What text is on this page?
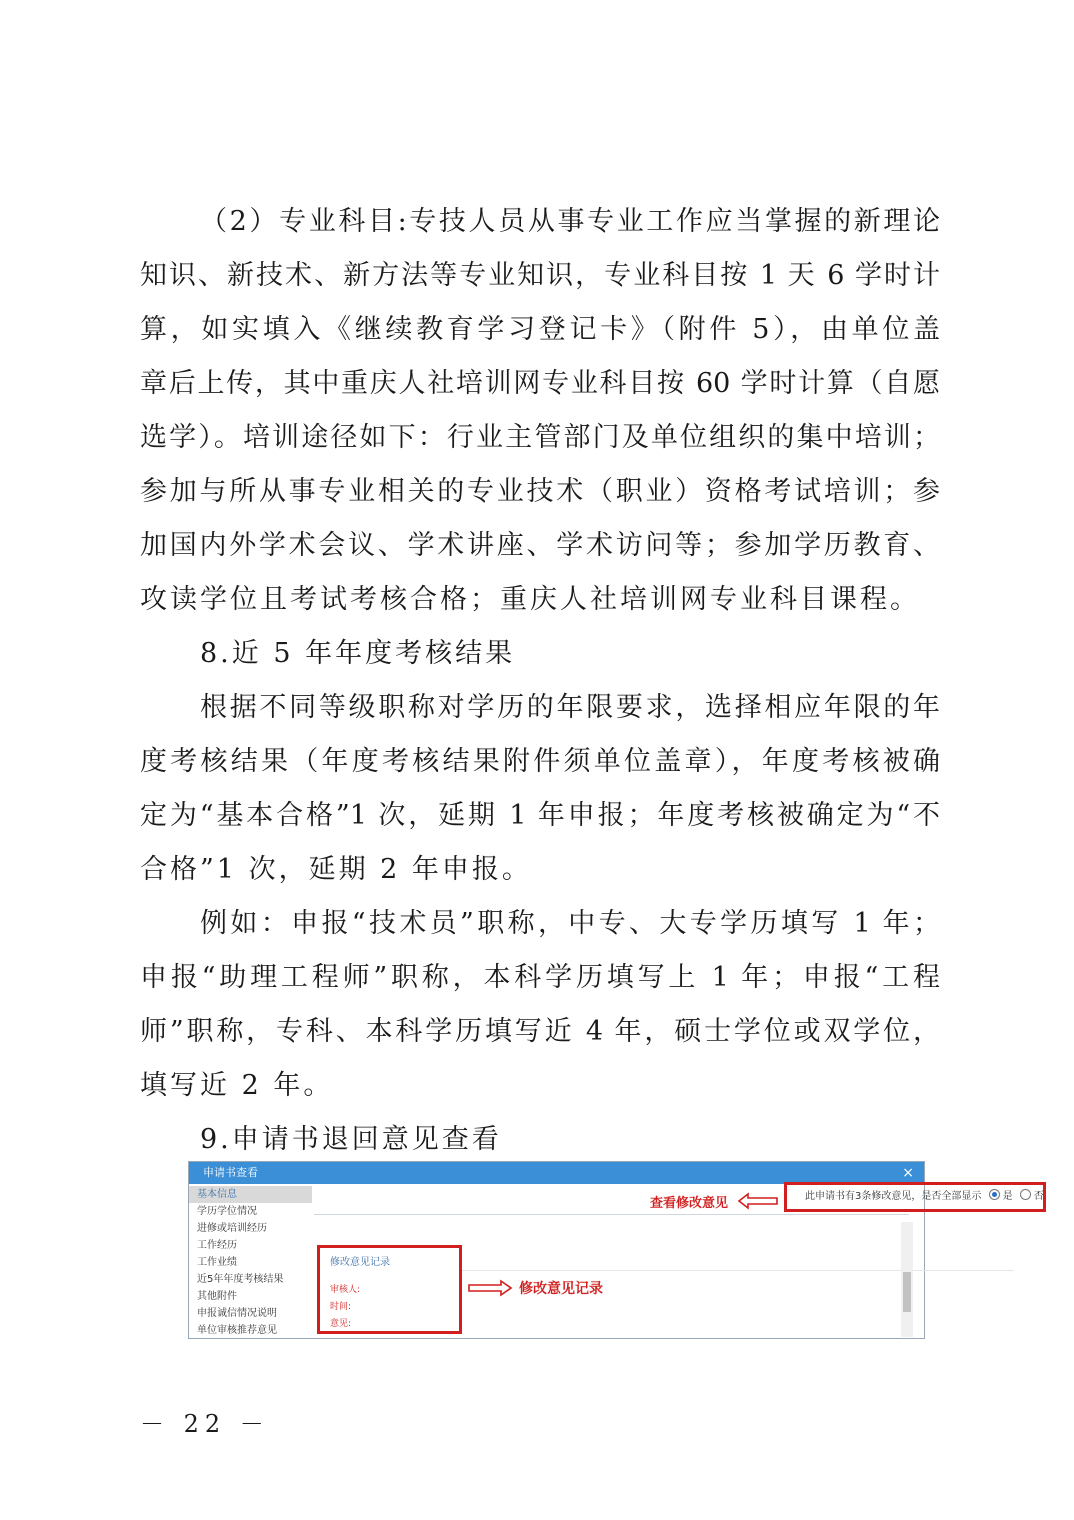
（2）专业科目:专技人员从事专业工作应当掌握的新理论
知识、新技术、新方法等专业知识，专业科目按 1 天 6 学时计
算，如实填入《继续教育学习登记卡》（附件 5），由单位盖
章后上传，其中重庆人社培训网专业科目按 60 学时计算（自愿
选学）。培训途径如下：行业主管部门及单位组织的集中培训；
参加与所从事专业相关的专业技术（职业）资格考试培训；参
加国内外学术会议、学术讲座、学术访问等；参加学历教育、
攻读学位且考试考核合格；重庆人社培训网专业科目课程。
8.近 5 年年度考核结果
根据不同等级职称对学历的年限要求，选择相应年限的年
度考核结果（年度考核结果附件须单位盖章），年度考核被确
定为“基本合格”1 次，延期 1 年申报；年度考核被确定为“不
合格”1 次，延期 2 年申报。
例如：申报“技术员”职称，中专、大专学历填写 1 年；
申报“助理工程师”职称，本科学历填写上 1 年；申报“工程
师”职称，专科、本科学历填写近 4 年，硕士学位或双学位，
填写近 2 年。
9.申请书退回意见查看
申请书查看	×
基本信息
学历学位情况
进修或培训经历
工作经历
工作业绩
近5年年度考核结果
其他附件
申报诚信情况说明
单位审核推荐意见
查看修改意见	此申请书有3条修改意见，是否全部显示 是 否
修改意见记录
审核人:
时间:
意见:
修改意见记录
－ 22 －
